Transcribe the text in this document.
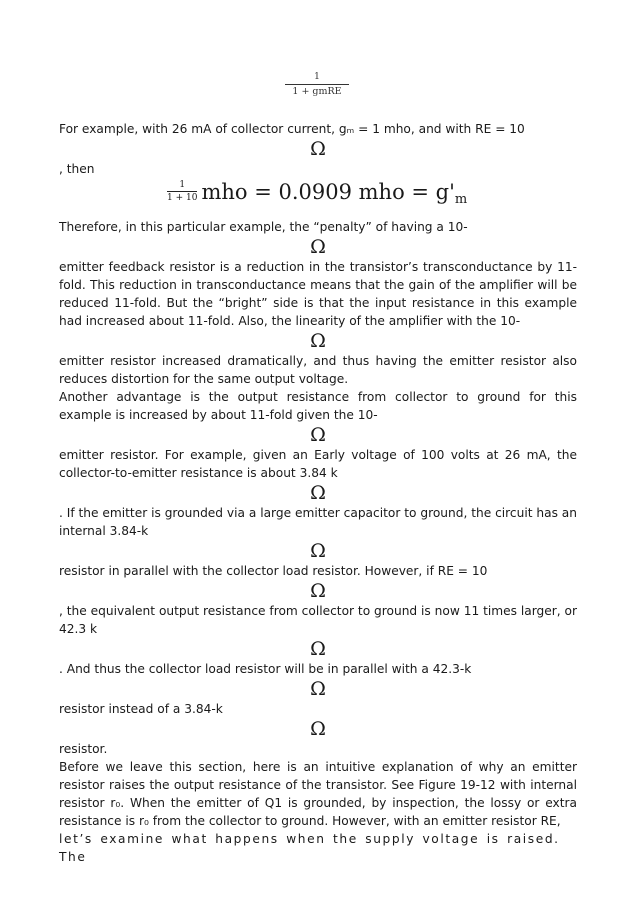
1
1 + gmRE

For example, with 26 mA of collector current, gₘ = 1 mho, and with RE = 10

Ω

, then

$\frac{1}{1 + 10}$ mho = 0.0909 mho = g' m

Therefore, in this particular example, the “penalty” of having a 10-

Ω

emitter feedback resistor is a reduction in the transistor’s transconductance by 11-fold. This reduction in transconductance means that the gain of the amplifier will be reduced 11-fold. But the “bright” side is that the input resistance in this example had increased about 11-fold. Also, the linearity of the amplifier with the 10-

Ω

emitter resistor increased dramatically, and thus having the emitter resistor also reduces distortion for the same output voltage.

Another advantage is the output resistance from collector to ground for this example is increased by about 11-fold given the 10-

Ω

emitter resistor. For example, given an Early voltage of 100 volts at 26 mA, the collector-to-emitter resistance is about 3.84 k

Ω

. If the emitter is grounded via a large emitter capacitor to ground, the circuit has an internal 3.84-k

Ω

resistor in parallel with the collector load resistor. However, if RE = 10

Ω

, the equivalent output resistance from collector to ground is now 11 times larger, or 42.3 k

Ω

. And thus the collector load resistor will be in parallel with a 42.3-k

Ω

resistor instead of a 3.84-k

Ω

resistor.

Before we leave this section, here is an intuitive explanation of why an emitter resistor raises the output resistance of the transistor. See Figure 19-12 with internal resistor r₀. When the emitter of Q1 is grounded, by inspection, the lossy or extra resistance is r₀ from the collector to ground. However, with an emitter resistor RE,

let’s examine what happens when the supply voltage is raised. The
